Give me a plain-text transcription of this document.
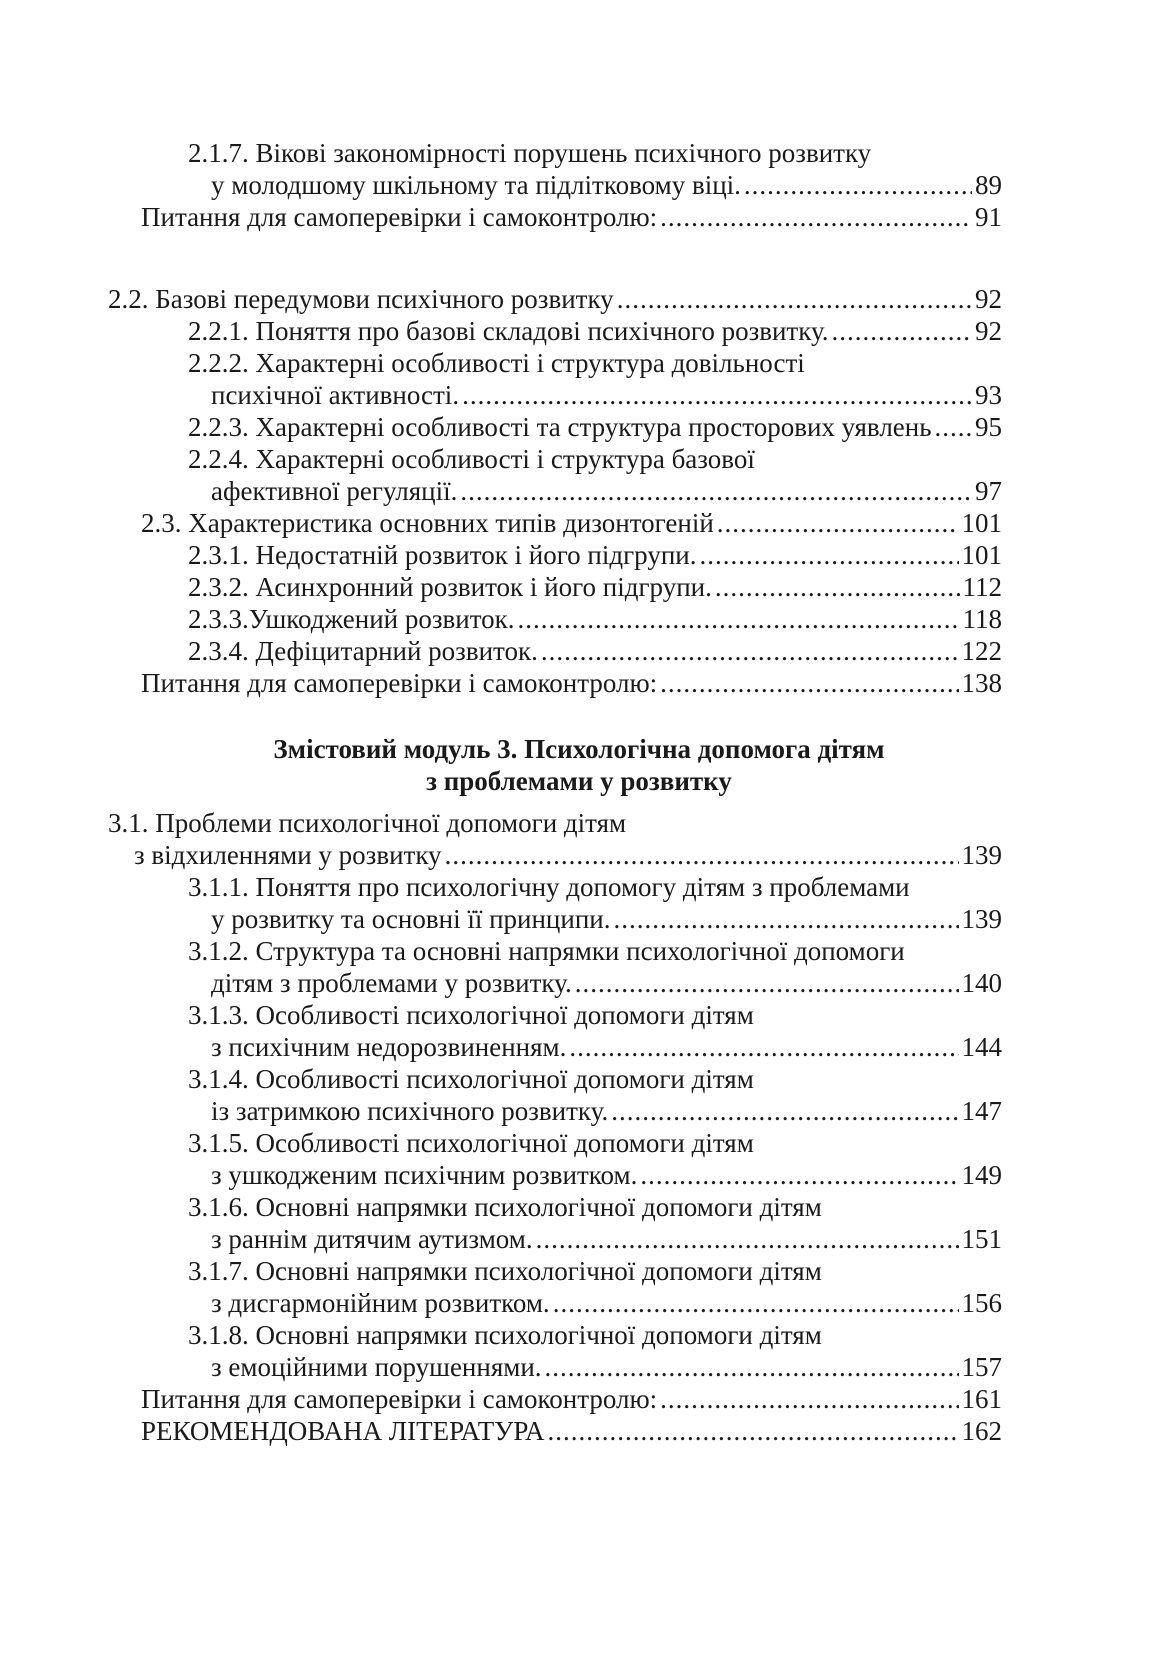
2.1.7. Вікові закономірності порушень психічного розвитку
у молодшому шкільному та підлітковому віці. .....	89
Питання для самоперевірки і самоконтролю: .....	91
2.2. Базові передумови психічного розвитку .....	92
2.2.1. Поняття про базові складові психічного розвитку. .....	92
2.2.2. Характерні особливості і структура довільності
психічної активності. .....	93
2.2.3. Характерні особливості та структура просторових уявлень ..... 95
2.2.4. Характерні особливості і структура базової
афективної регуляції. .....	97
2.3. Характеристика основних типів дизонтогеній .....	101
2.3.1. Недостатній розвиток і його підгрупи. .....	101
2.3.2. Асинхронний розвиток і його підгрупи. .....	112
2.3.3.Ушкоджений розвиток. .....	118
2.3.4. Дефіцитарний розвиток. .....	122
Питання для самоперевірки і самоконтролю: .....	138
Змістовий модуль 3. Психологічна допомога дітям
з проблемами у розвитку
3.1. Проблеми психологічної допомоги дітям
з відхиленнями у розвитку .....	139
3.1.1. Поняття про психологічну допомогу дітям з проблемами
у розвитку та основні її принципи. .....	139
3.1.2. Структура та основні напрямки психологічної допомоги
дітям з проблемами у розвитку. .....	140
3.1.3. Особливості психологічної допомоги дітям
з психічним недорозвиненням. .....	144
3.1.4. Особливості психологічної допомоги дітям
із затримкою психічного розвитку. .....	147
3.1.5. Особливості психологічної допомоги дітям
з ушкодженим психічним розвитком. .....	149
3.1.6. Основні напрямки психологічної допомоги дітям
з раннім дитячим аутизмом. .....	151
3.1.7. Основні напрямки психологічної допомоги дітям
з дисгармонійним розвитком. .....	156
3.1.8. Основні напрямки психологічної допомоги дітям
з емоційними порушеннями. .....	157
Питання для самоперевірки і самоконтролю: .....	161
РЕКОМЕНДОВАНА ЛІТЕРАТУРА .....	162
